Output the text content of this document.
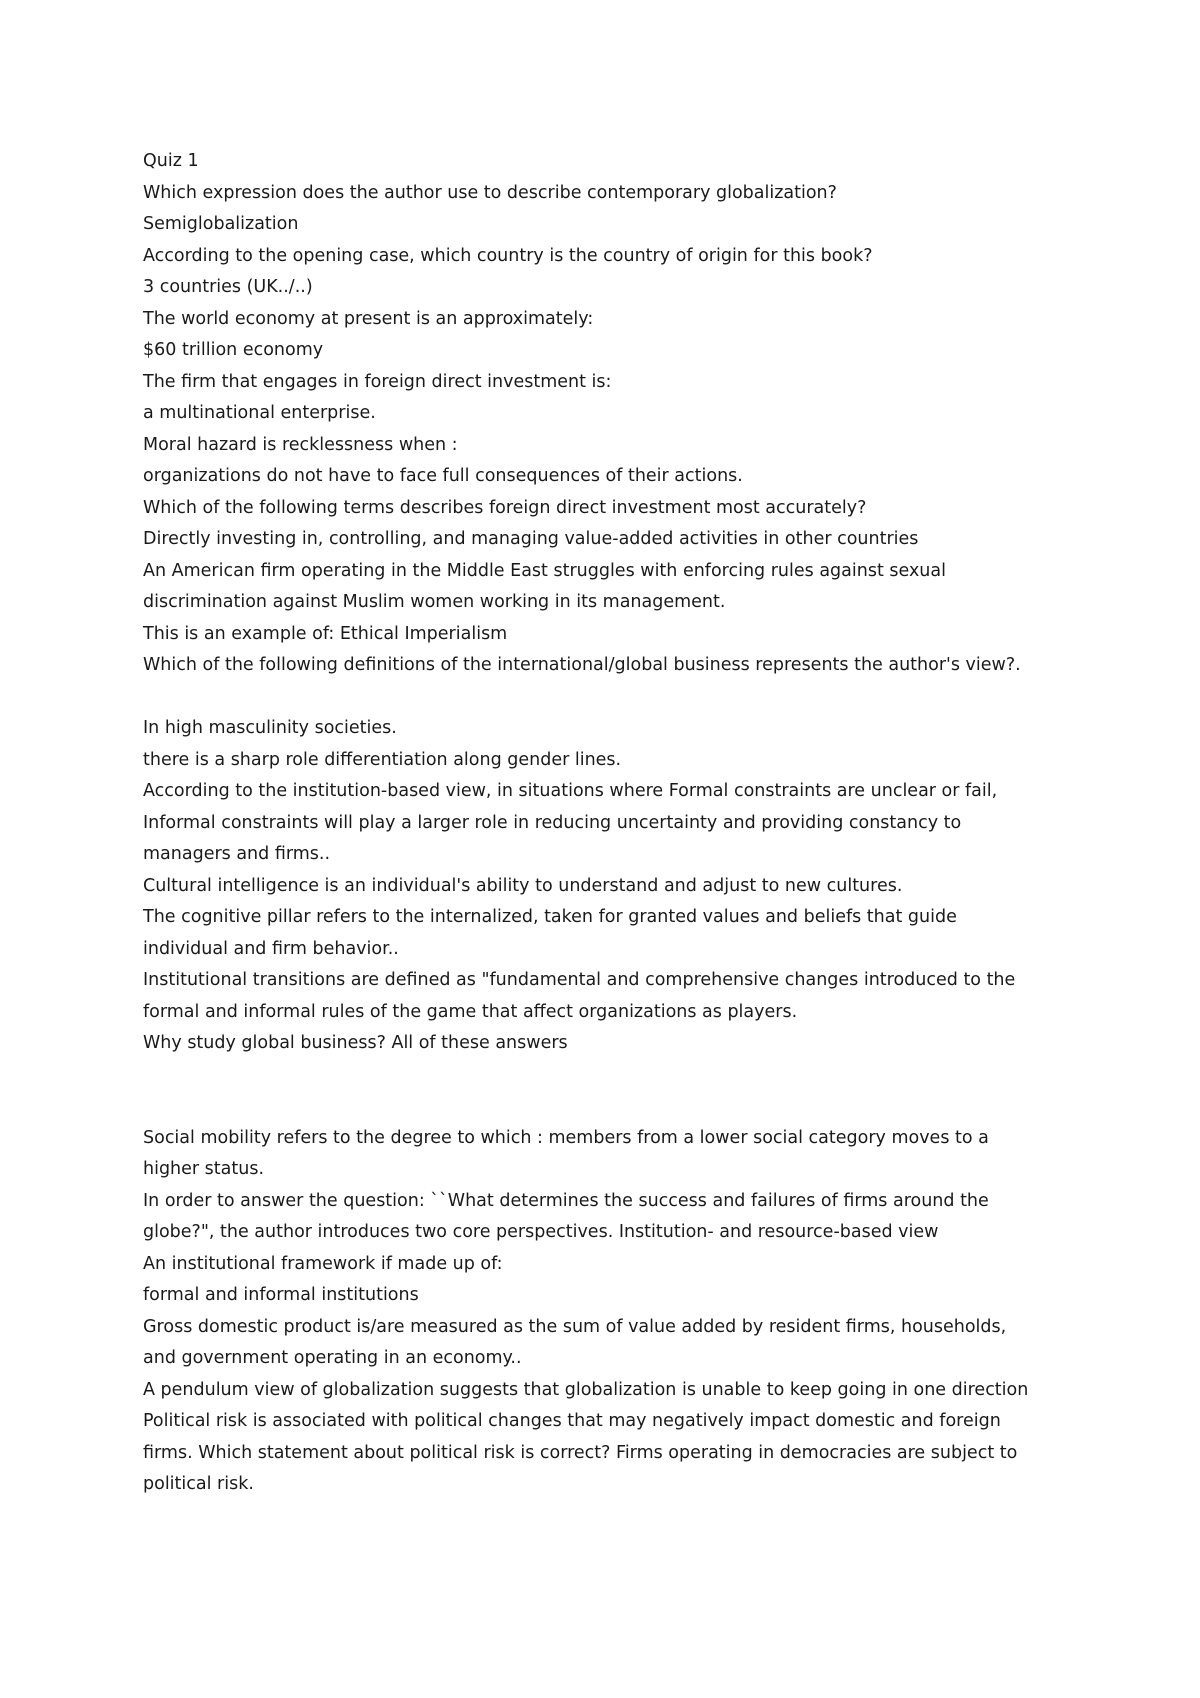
Quiz 1
Which expression does the author use to describe contemporary globalization?
Semiglobalization
According to the opening case, which country is the country of origin for this book?
3 countries (UK../..)
The world economy at present is an approximately:
$60 trillion economy
The firm that engages in foreign direct investment is:
a multinational enterprise.
Moral hazard is recklessness when :
organizations do not have to face full consequences of their actions.
Which of the following terms describes foreign direct investment most accurately?
Directly investing in, controlling, and managing value-added activities in other countries
An American firm operating in the Middle East struggles with enforcing rules against sexual
discrimination against Muslim women working in its management.
This is an example of: Ethical Imperialism
Which of the following definitions of the international/global business represents the author's view?.
In high masculinity societies.
there is a sharp role differentiation along gender lines.
According to the institution-based view, in situations where Formal constraints are unclear or fail,
Informal constraints will play a larger role in reducing uncertainty and providing constancy to
managers and firms..
Cultural intelligence is an individual's ability to understand and adjust to new cultures.
The cognitive pillar refers to the internalized, taken for granted values and beliefs that guide
individual and firm behavior..
Institutional transitions are defined as "fundamental and comprehensive changes introduced to the
formal and informal rules of the game that affect organizations as players.
Why study global business? All of these answers
Social mobility refers to the degree to which : members from a lower social category moves to a
higher status.
In order to answer the question: ``What determines the success and failures of firms around the
globe?", the author introduces two core perspectives. Institution- and resource-based view
An institutional framework if made up of:
formal and informal institutions
Gross domestic product is/are measured as the sum of value added by resident firms, households,
and government operating in an economy..
A pendulum view of globalization suggests that globalization is unable to keep going in one direction
Political risk is associated with political changes that may negatively impact domestic and foreign
firms. Which statement about political risk is correct? Firms operating in democracies are subject to
political risk.
